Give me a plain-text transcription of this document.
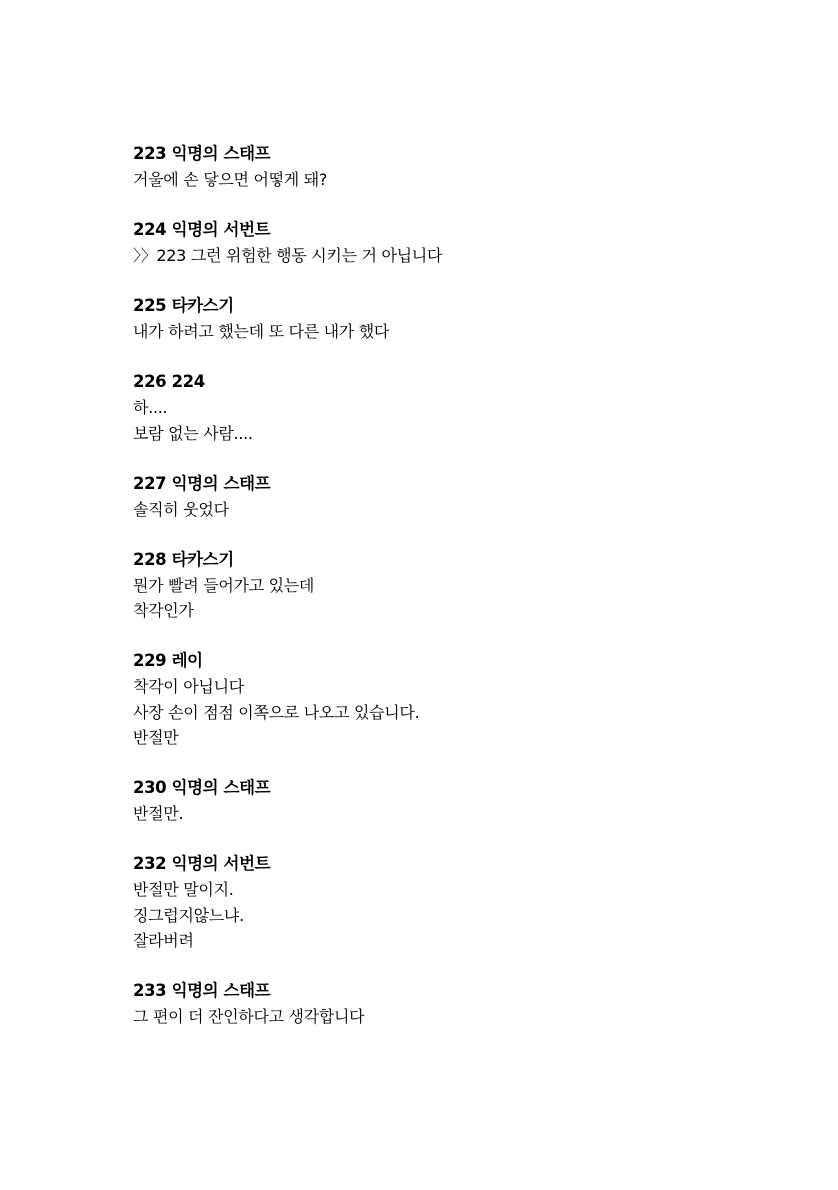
223 익명의 스태프
거울에 손 닿으면 어떻게 돼?
224 익명의 서번트
〉〉223 그런 위험한 행동 시키는 거 아닙니다
225 타카스기
내가 하려고 했는데 또 다른 내가 했다
226 224
하....
보람 없는 사람....
227 익명의 스태프
솔직히 웃었다
228 타카스기
뭔가 빨려 들어가고 있는데
착각인가
229 레이
착각이 아닙니다
사장 손이 점점 이쪽으로 나오고 있습니다.
반절만
230 익명의 스태프
반절만.
232 익명의 서번트
반절만 말이지.
징그럽지않느냐.
잘라버려
233 익명의 스태프
그 편이 더 잔인하다고 생각합니다
